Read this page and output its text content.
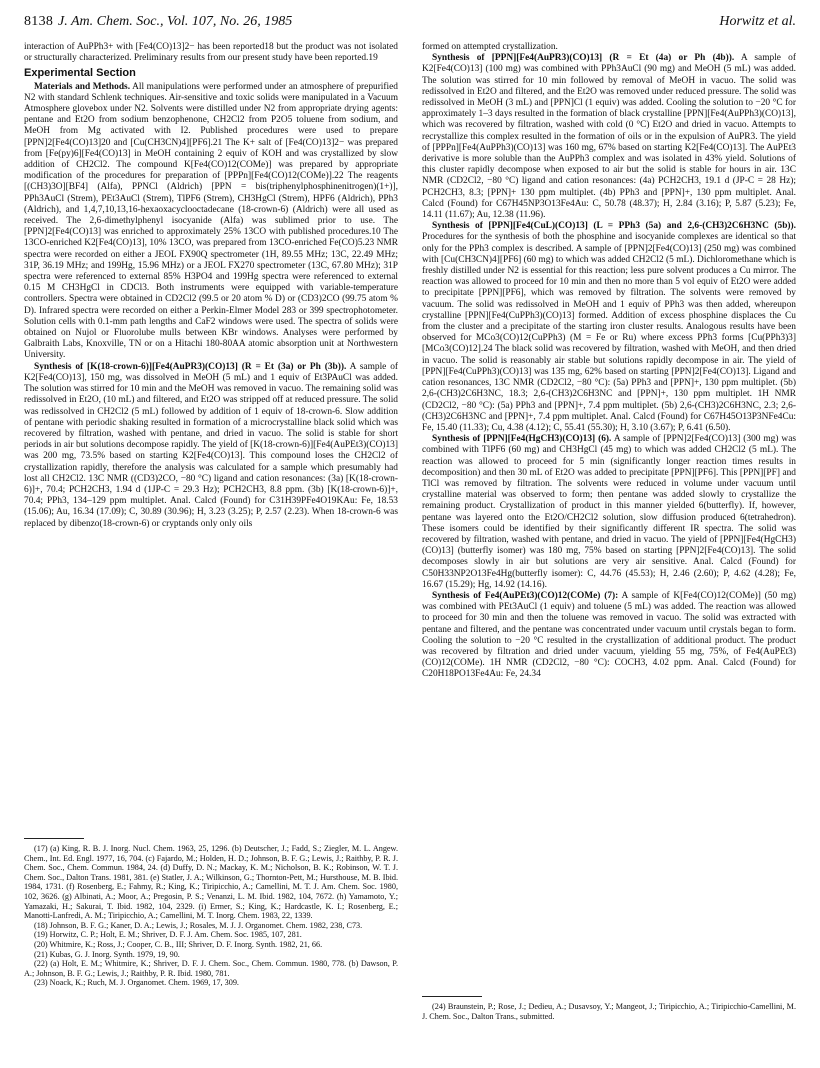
8138 J. Am. Chem. Soc., Vol. 107, No. 26, 1985	Horwitz et al.

interaction of AuPPh3+ with [Fe4(CO)13]2− has been reported18 but the product was not isolated or structurally characterized. Preliminary results from our present study have been reported.19

Experimental Section

Materials and Methods. All manipulations were performed under an atmosphere of prepurified N2 with standard Schlenk techniques. Air-sensitive and toxic solids were manipulated in a Vacuum Atmosphere glovebox under N2. Solvents were distilled under N2 from appropriate drying agents: pentane and Et2O from sodium benzophenone, CH2Cl2 from P2O5 toluene from sodium, and MeOH from Mg activated with I2. Published procedures were used to prepare [PPN]2[Fe4(CO)13]20 and [Cu(CH3CN)4][PF6].21 The K+ salt of [Fe4(CO)13]2− was prepared from [Fe(py)6][Fe4(CO)13] in MeOH containing 2 equiv of KOH and was crystallized by slow addition of CH2Cl2. The compound K[Fe4(CO)12(COMe)] was prepared by appropriate modification of the procedures for preparation of [PPPn][Fe4(CO)12(COMe)].22 The reagents [(CH3)3O][BF4] (Alfa), PPNCl (Aldrich) [PPN = bis(triphenylphosphinenitrogen)(1+)], PPh3AuCl (Strem), PEt3AuCl (Strem), TlPF6 (Strem), CH3HgCl (Strem), HPF6 (Aldrich), PPh3 (Aldrich), and 1,4,7,10,13,16-hexaoxacyclooctadecane (18-crown-6) (Aldrich) were all used as received. The 2,6-dimethylphenyl isocyanide (Alfa) was sublimed prior to use. The [PPN]2[Fe4(CO)13] was enriched to approximately 25% 13CO with published procedures.10 The 13CO-enriched K2[Fe4(CO)13], 10% 13CO, was prepared from 13CO-enriched Fe(CO)5.23 NMR spectra were recorded on either a JEOL FX90Q spectrometer (1H, 89.55 MHz; 13C, 22.49 MHz; 31P, 36.19 MHz; and 199Hg, 15.96 MHz) or a JEOL FX270 spectrometer (13C, 67.80 MHz); 31P spectra were referenced to external 85% H3PO4 and 199Hg spectra were referenced to external 0.15 M CH3HgCl in CDCl3. Both instruments were equipped with variable-temperature controllers. Spectra were obtained in CD2Cl2 (99.5 or 20 atom % D) or (CD3)2CO (99.75 atom % D). Infrared spectra were recorded on either a Perkin-Elmer Model 283 or 399 spectrophotometer. Solution cells with 0.1-mm path lengths and CaF2 windows were used. The spectra of solids were obtained on Nujol or Fluorolube mulls between KBr windows. Analyses were performed by Galbraith Labs, Knoxville, TN or on a Hitachi 180-80AA atomic absorption unit at Northwestern University.

Synthesis of [K(18-crown-6)][Fe4(AuPR3)(CO)13] (R = Et (3a) or Ph (3b)). A sample of K2[Fe4(CO)13], 150 mg, was dissolved in MeOH (5 mL) and 1 equiv of Et3PAuCl was added. The solution was stirred for 10 min and the MeOH was removed in vacuo. The remaining solid was redissolved in Et2O, (10 mL) and filtered, and Et2O was stripped off at reduced pressure. The solid was redissolved in CH2Cl2 (5 mL) followed by addition of 1 equiv of 18-crown-6. Slow addition of pentane with periodic shaking resulted in formation of a microcrystalline black solid which was recovered by filtration, washed with pentane, and dried in vacuo. The solid is stable for short periods in air but solutions decompose rapidly. The yield of [K(18-crown-6)][Fe4(AuPEt3)(CO)13] was 200 mg, 73.5% based on starting K2[Fe4(CO)13]. This compound loses the CH2Cl2 of crystallization rapidly, therefore the analysis was calculated for a sample which presumably had lost all CH2Cl2. 13C NMR ((CD3)2CO, −80 °C) ligand and cation resonances: (3a) [K(18-crown-6)]+, 70.4; PCH2CH3, 1.94 d (1JP-C = 29.3 Hz); PCH2CH3, 8.8 ppm. (3b) [K(18-crown-6)]+, 70.4; PPh3, 134–129 ppm multiplet. Anal. Calcd (Found) for C31H39PFe4O19KAu: Fe, 18.53 (15.06); Au, 16.34 (17.09); C, 30.89 (30.96); H, 3.23 (3.25); P, 2.57 (2.23). When 18-crown-6 was replaced by dibenzo(18-crown-6) or cryptands only only oils

(17) (a) King, R. B. J. Inorg. Nucl. Chem. 1963, 25, 1296. (b) Deutscher, J.; Fadd, S.; Ziegler, M. L. Angew. Chem., Int. Ed. Engl. 1977, 16, 704. (c) Fajardo, M.; Holden, H. D.; Johnson, B. F. G.; Lewis, J.; Raithby, P. R. J. Chem. Soc., Chem. Commun. 1984, 24. (d) Duffy, D. N.; Mackay, K. M.; Nicholson, B. K.; Robinson, W. T. J. Chem. Soc., Dalton Trans. 1981, 381. (e) Statler, J. A.; Wilkinson, G.; Thornton-Pett, M.; Hursthouse, M. B. Ibid. 1984, 1731. (f) Rosenberg, E.; Fahmy, R.; King, K.; Tiripicchio, A.; Camellini, M. T. J. Am. Chem. Soc. 1980, 102, 3626. (g) Albinati, A.; Moor, A.; Pregosin, P. S.; Venanzi, L. M. Ibid. 1982, 104, 7672. (h) Yamamoto, Y.; Yamazaki, H.; Sakurai, T. Ibid. 1982, 104, 2329. (i) Ermer, S.; King, K.; Hardcastle, K. I.; Rosenberg, E.; Manotti-Lanfredi, A. M.; Tiripicchio, A.; Camellini, M. T. Inorg. Chem. 1983, 22, 1339.

(18) Johnson, B. F. G.; Kaner, D. A.; Lewis, J.; Rosales, M. J. J. Organomet. Chem. 1982, 238, C73.

(19) Horwitz, C. P.; Holt, E. M.; Shriver, D. F. J. Am. Chem. Soc. 1985, 107, 281.

(20) Whitmire, K.; Ross, J.; Cooper, C. B., III; Shriver, D. F. Inorg. Synth. 1982, 21, 66.

(21) Kubas, G. J. Inorg. Synth. 1979, 19, 90.

(22) (a) Holt, E. M.; Whitmire, K.; Shriver, D. F. J. Chem. Soc., Chem. Commun. 1980, 778. (b) Dawson, P. A.; Johnson, B. F. G.; Lewis, J.; Raithby, P. R. Ibid. 1980, 781.

(23) Noack, K.; Ruch, M. J. Organomet. Chem. 1969, 17, 309.

formed on attempted crystallization.

Synthesis of [PPN][Fe4(AuPR3)(CO)13] (R = Et (4a) or Ph (4b)). A sample of K2[Fe4(CO)13] (100 mg) was combined with PPh3AuCl (90 mg) and MeOH (5 mL) was added. The solution was stirred for 10 min followed by removal of MeOH in vacuo. The solid was redissolved in Et2O and filtered, and the Et2O was removed under reduced pressure. The solid was redissolved in MeOH (3 mL) and [PPN]Cl (1 equiv) was added. Cooling the solution to −20 °C for approximately 1–3 days resulted in the formation of black crystalline [PPN][Fe4(AuPPh3)(CO)13], which was recovered by filtration, washed with cold (0 °C) Et2O and dried in vacuo. Attempts to recrystallize this complex resulted in the formation of oils or in the expulsion of AuPR3. The yield of [PPPn][Fe4(AuPPh3)(CO)13] was 160 mg, 67% based on starting K2[Fe4(CO)13]. The AuPEt3 derivative is more soluble than the AuPPh3 complex and was isolated in 43% yield. Solutions of this cluster rapidly decompose when exposed to air but the solid is stable for hours in air. 13C NMR (CD2Cl2, −80 °C) ligand and cation resonances: (4a) PCH2CH3, 19.1 d (JP-C = 28 Hz); PCH2CH3, 8.3; [PPN]+ 130 ppm multiplet. (4b) PPh3 and [PPN]+, 130 ppm multiplet. Anal. Calcd (Found) for C67H45NP3O13Fe4Au: C, 50.78 (48.37); H, 2.84 (3.16); P, 5.87 (5.23); Fe, 14.11 (11.67); Au, 12.38 (11.96).

Synthesis of [PPN][Fe4(CuL)(CO)13] (L = PPh3 (5a) and 2,6-(CH3)2C6H3NC (5b)). Procedures for the synthesis of both the phosphine and isocyanide complexes are identical so that only for the PPh3 complex is described. A sample of [PPN]2[Fe4(CO)13] (250 mg) was combined with [Cu(CH3CN)4][PF6] (60 mg) to which was added CH2Cl2 (5 mL). Dichloromethane which is freshly distilled under N2 is essential for this reaction; less pure solvent produces a Cu mirror. The reaction was allowed to proceed for 10 min and then no more than 5 vol equiv of Et2O were added to precipitate [PPN][PF6], which was removed by filtration. The solvents were removed by vacuum. The solid was redissolved in MeOH and 1 equiv of PPh3 was then added, whereupon crystalline [PPN][Fe4(CuPPh3)(CO)13] formed. Addition of excess phosphine displaces the Cu from the cluster and a precipitate of the starting iron cluster results. Analogous results have been observed for MCo3(CO)12(CuPPh3) (M = Fe or Ru) where excess PPh3 forms [Cu(PPh3)3][MCo3(CO)12].24 The black solid was recovered by filtration, washed with MeOH, and then dried in vacuo. The solid is reasonably air stable but solutions rapidly decompose in air. The yield of [PPN][Fe4(CuPPh3)(CO)13] was 135 mg, 62% based on starting [PPN]2[Fe4(CO)13]. Ligand and cation resonances, 13C NMR (CD2Cl2, −80 °C): (5a) PPh3 and [PPN]+, 130 ppm multiplet. (5b) 2,6-(CH3)2C6H3NC, 18.3; 2,6-(CH3)2C6H3NC and [PPN]+, 130 ppm multiplet. 1H NMR (CD2Cl2, −80 °C): (5a) PPh3 and [PPN]+, 7.4 ppm multiplet. (5b) 2,6-(CH3)2C6H3NC, 2.3; 2,6-(CH3)2C6H3NC and [PPN]+, 7.4 ppm multiplet. Anal. Calcd (Found) for C67H45O13P3NFe4Cu: Fe, 15.40 (11.33); Cu, 4.38 (4.12); C, 55.41 (55.30); H, 3.10 (3.67); P, 6.41 (6.50).

Synthesis of [PPN][Fe4(HgCH3)(CO)13] (6). A sample of [PPN]2[Fe4(CO)13] (300 mg) was combined with TlPF6 (60 mg) and CH3HgCl (45 mg) to which was added CH2Cl2 (5 mL). The reaction was allowed to proceed for 5 min (significantly longer reaction times results in decomposition) and then 30 mL of Et2O was added to precipitate [PPN][PF6]. This [PPN][PF] and TlCl was removed by filtration. The solvents were reduced in volume under vacuum until crystalline material was observed to form; then pentane was added slowly to crystallize the remaining product. Crystallization of product in this manner yielded 6(butterfly). If, however, pentane was layered onto the Et2O/CH2Cl2 solution, slow diffusion produced 6(tetrahedron). These isomers could be identified by their significantly different IR spectra. The solid was recovered by filtration, washed with pentane, and dried in vacuo. The yield of [PPN][Fe4(HgCH3)(CO)13] (butterfly isomer) was 180 mg, 75% based on starting [PPN]2[Fe4(CO)13]. The solid decomposes slowly in air but solutions are very air sensitive. Anal. Calcd (Found) for C50H33NP2O13Fe4Hg(butterfly isomer): C, 44.76 (45.53); H, 2.46 (2.60); P, 4.62 (4.28); Fe, 16.67 (15.29); Hg, 14.92 (14.16).

Synthesis of Fe4(AuPEt3)(CO)12(COMe) (7): A sample of K[Fe4(CO)12(COMe)] (50 mg) was combined with PEt3AuCl (1 equiv) and toluene (5 mL) was added. The reaction was allowed to proceed for 30 min and then the toluene was removed in vacuo. The solid was extracted with pentane and filtered, and the pentane was concentrated under vacuum until crystals began to form. Cooling the solution to −20 °C resulted in the crystallization of additional product. The product was recovered by filtration and dried under vacuum, yielding 55 mg, 75%, of Fe4(AuPEt3)(CO)12(COMe). 1H NMR (CD2Cl2, −80 °C): COCH3, 4.02 ppm. Anal. Calcd (Found) for C20H18PO13Fe4Au: Fe, 24.34

(24) Braunstein, P.; Rose, J.; Dedieu, A.; Dusavsoy, Y.; Mangeot, J.; Tiripicchio, A.; Tiripicchio-Camellini, M. J. Chem. Soc., Dalton Trans., submitted.
